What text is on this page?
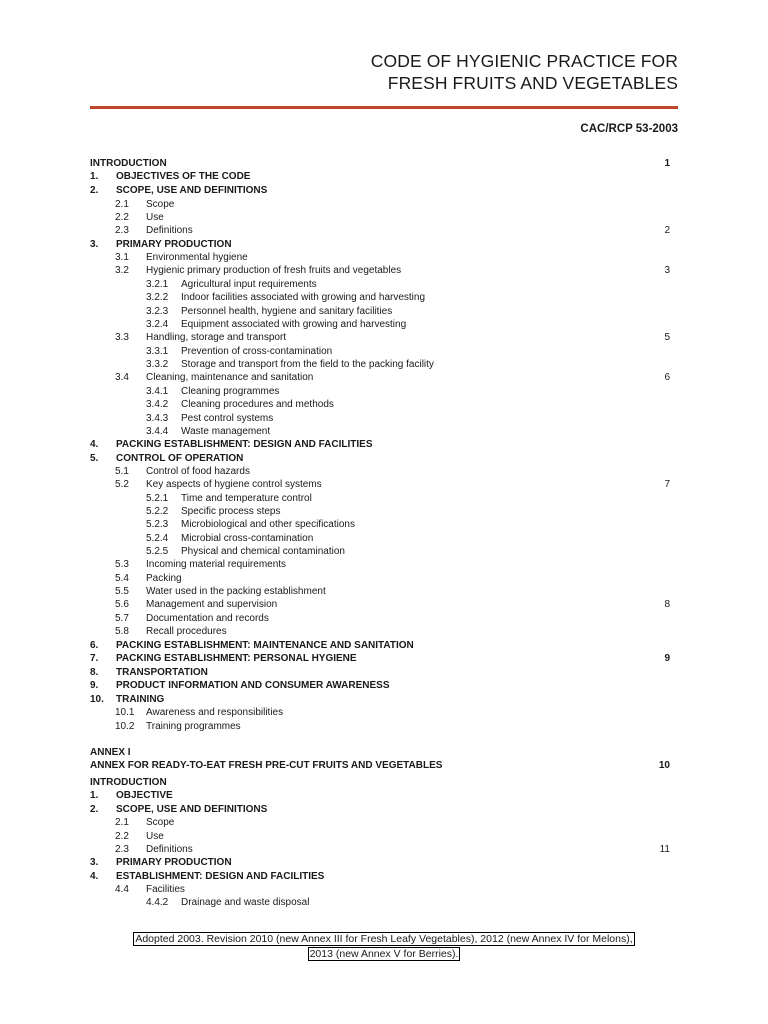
CODE OF HYGIENIC PRACTICE FOR
FRESH FRUITS AND VEGETABLES
CAC/RCP 53-2003
INTRODUCTION	1
1. OBJECTIVES OF THE CODE
2. SCOPE, USE AND DEFINITIONS
2.1 Scope
2.2 Use
2.3 Definitions	2
3. PRIMARY PRODUCTION
3.1 Environmental hygiene
3.2 Hygienic primary production of fresh fruits and vegetables	3
3.2.1 Agricultural input requirements
3.2.2 Indoor facilities associated with growing and harvesting
3.2.3 Personnel health, hygiene and sanitary facilities
3.2.4 Equipment associated with growing and harvesting
3.3 Handling, storage and transport	5
3.3.1 Prevention of cross-contamination
3.3.2 Storage and transport from the field to the packing facility
3.4 Cleaning, maintenance and sanitation	6
3.4.1 Cleaning programmes
3.4.2 Cleaning procedures and methods
3.4.3 Pest control systems
3.4.4 Waste management
4. PACKING ESTABLISHMENT: DESIGN AND FACILITIES
5. CONTROL OF OPERATION
5.1 Control of food hazards
5.2 Key aspects of hygiene control systems	7
5.2.1 Time and temperature control
5.2.2 Specific process steps
5.2.3 Microbiological and other specifications
5.2.4 Microbial cross-contamination
5.2.5 Physical and chemical contamination
5.3 Incoming material requirements
5.4 Packing
5.5 Water used in the packing establishment
5.6 Management and supervision	8
5.7 Documentation and records
5.8 Recall procedures
6. PACKING ESTABLISHMENT: MAINTENANCE AND SANITATION
7. PACKING ESTABLISHMENT: PERSONAL HYGIENE	9
8. TRANSPORTATION
9. PRODUCT INFORMATION AND CONSUMER AWARENESS
10. TRAINING
10.1 Awareness and responsibilities
10.2 Training programmes
ANNEX I
ANNEX FOR READY-TO-EAT FRESH PRE-CUT FRUITS AND VEGETABLES	10
INTRODUCTION
1. OBJECTIVE
2. SCOPE, USE AND DEFINITIONS
2.1 Scope
2.2 Use
2.3 Definitions	11
3. PRIMARY PRODUCTION
4. ESTABLISHMENT: DESIGN AND FACILITIES
4.4 Facilities
4.4.2 Drainage and waste disposal
Adopted 2003. Revision 2010 (new Annex III for Fresh Leafy Vegetables), 2012 (new Annex IV for Melons),
2013 (new Annex V for Berries).
